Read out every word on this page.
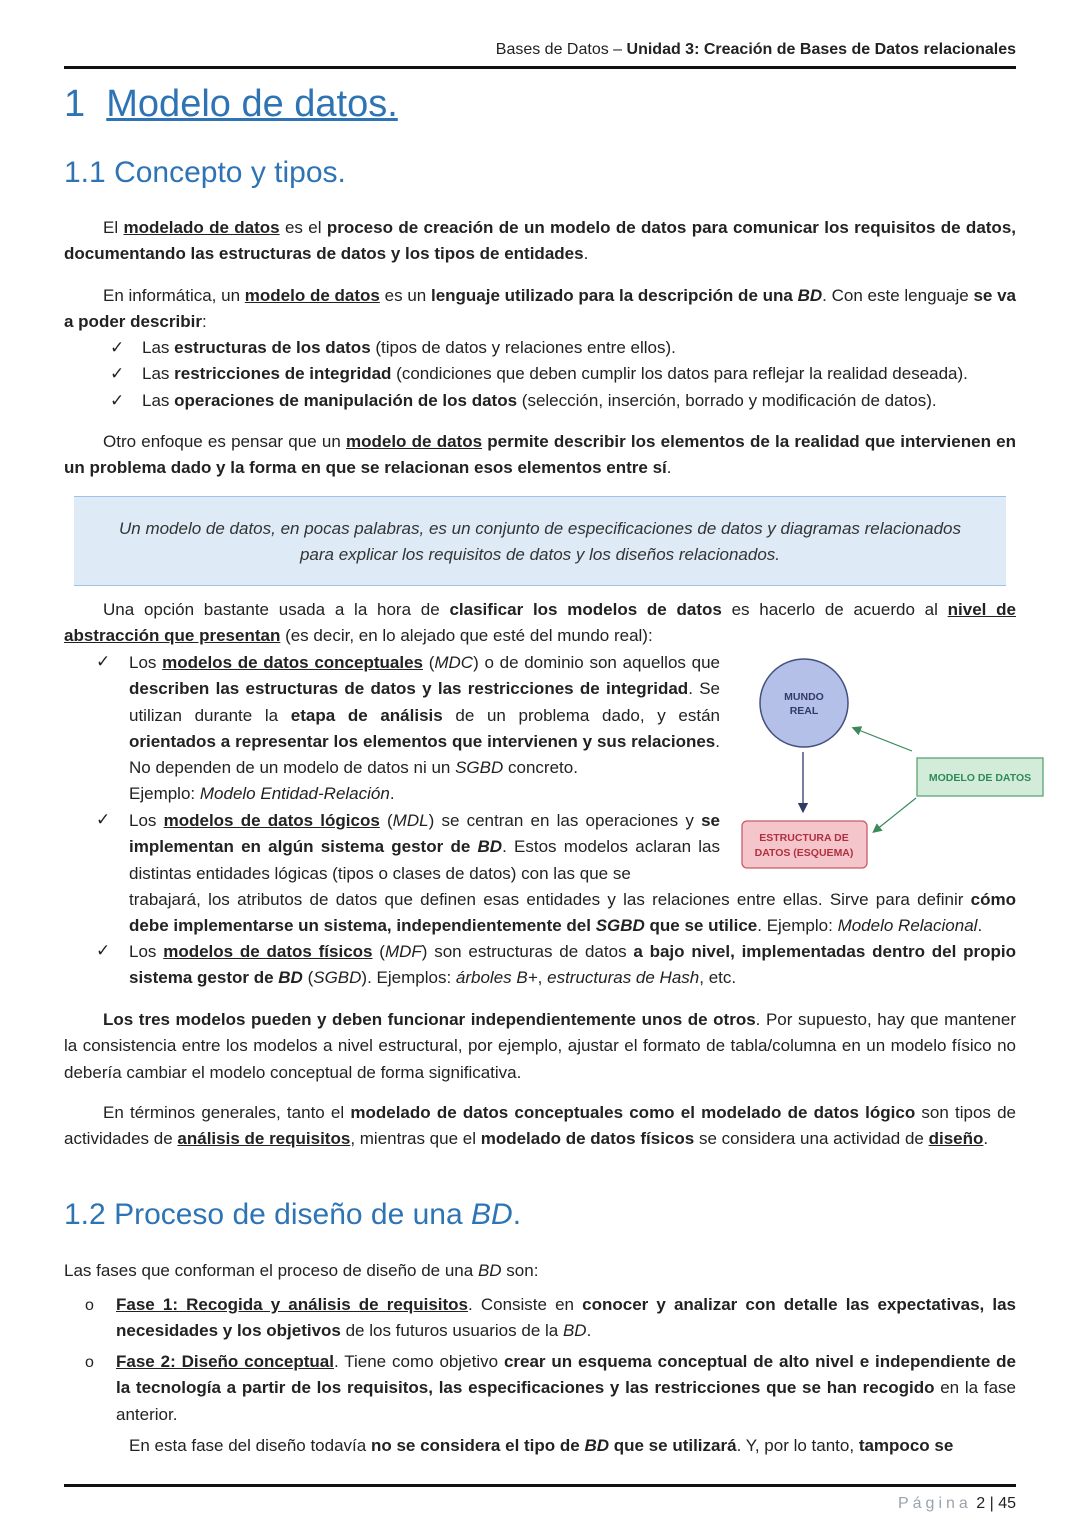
Bases de Datos – Unidad 3: Creación de Bases de Datos relacionales
1 Modelo de datos.
1.1 Concepto y tipos.
El modelado de datos es el proceso de creación de un modelo de datos para comunicar los requisitos de datos, documentando las estructuras de datos y los tipos de entidades.
En informática, un modelo de datos es un lenguaje utilizado para la descripción de una BD. Con este lenguaje se va a poder describir:
✓ Las estructuras de los datos (tipos de datos y relaciones entre ellos).
✓ Las restricciones de integridad (condiciones que deben cumplir los datos para reflejar la realidad deseada).
✓ Las operaciones de manipulación de los datos (selección, inserción, borrado y modificación de datos).
Otro enfoque es pensar que un modelo de datos permite describir los elementos de la realidad que intervienen en un problema dado y la forma en que se relacionan esos elementos entre sí.
Un modelo de datos, en pocas palabras, es un conjunto de especificaciones de datos y diagramas relacionados
para explicar los requisitos de datos y los diseños relacionados.
Una opción bastante usada a la hora de clasificar los modelos de datos es hacerlo de acuerdo al nivel de abstracción que presentan (es decir, en lo alejado que esté del mundo real):
✓ Los modelos de datos conceptuales (MDC) o de dominio son aquellos que describen las estructuras de datos y las restricciones de integridad. Se utilizan durante la etapa de análisis de un problema dado, y están orientados a representar los elementos que intervienen y sus relaciones. No dependen de un modelo de datos ni un SGBD concreto.
Ejemplo: Modelo Entidad-Relación.
✓ Los modelos de datos lógicos (MDL) se centran en las operaciones y se implementan en algún sistema gestor de BD. Estos modelos aclaran las distintas entidades lógicas (tipos o clases de datos) con las que se
trabajará, los atributos de datos que definen esas entidades y las relaciones entre ellas. Sirve para definir cómo debe implementarse un sistema, independientemente del SGBD que se utilice. Ejemplo: Modelo Relacional.
✓ Los modelos de datos físicos (MDF) son estructuras de datos a bajo nivel, implementadas dentro del propio sistema gestor de BD (SGBD). Ejemplos: árboles B+, estructuras de Hash, etc.
MUNDO
REAL
MODELO DE DATOS
ESTRUCTURA DE
DATOS (ESQUEMA)
Los tres modelos pueden y deben funcionar independientemente unos de otros. Por supuesto, hay que mantener la consistencia entre los modelos a nivel estructural, por ejemplo, ajustar el formato de tabla/columna en un modelo físico no debería cambiar el modelo conceptual de forma significativa.
En términos generales, tanto el modelado de datos conceptuales como el modelado de datos lógico son tipos de actividades de análisis de requisitos, mientras que el modelado de datos físicos se considera una actividad de diseño.
1.2 Proceso de diseño de una BD.
Las fases que conforman el proceso de diseño de una BD son:
o Fase 1: Recogida y análisis de requisitos. Consiste en conocer y analizar con detalle las expectativas, las necesidades y los objetivos de los futuros usuarios de la BD.
o Fase 2: Diseño conceptual. Tiene como objetivo crear un esquema conceptual de alto nivel e independiente de la tecnología a partir de los requisitos, las especificaciones y las restricciones que se han recogido en la fase anterior.
En esta fase del diseño todavía no se considera el tipo de BD que se utilizará. Y, por lo tanto, tampoco se
Página 2 | 45
